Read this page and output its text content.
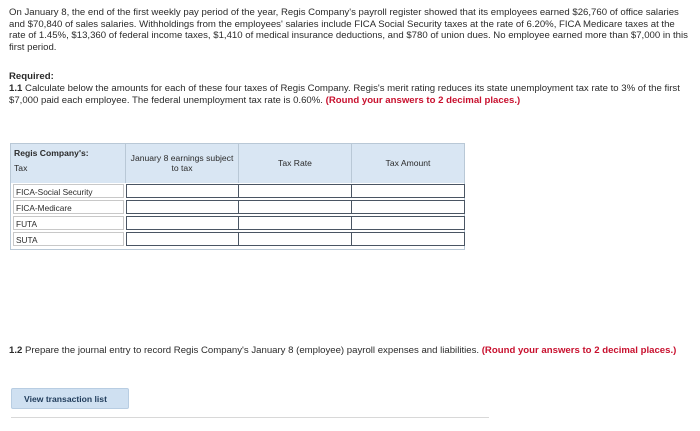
On January 8, the end of the first weekly pay period of the year, Regis Company's payroll register showed that its employees earned $26,760 of office salaries and $70,840 of sales salaries. Withholdings from the employees' salaries include FICA Social Security taxes at the rate of 6.20%, FICA Medicare taxes at the rate of 1.45%, $13,360 of federal income taxes, $1,410 of medical insurance deductions, and $780 of union dues. No employee earned more than $7,000 in this first period.

Required:

1.1 Calculate below the amounts for each of these four taxes of Regis Company. Regis's merit rating reduces its state unemployment tax rate to 3% of the first $7,000 paid each employee. The federal unemployment tax rate is 0.60%. (Round your answers to 2 decimal places.)

Regis Company's:
Tax
January 8 earnings subject to tax	Tax Rate	Tax Amount
FICA-Social Security
FICA-Medicare
FUTA
SUTA

1.2 Prepare the journal entry to record Regis Company's January 8 (employee) payroll expenses and liabilities. (Round your answers to 2 decimal places.)

View transaction list
